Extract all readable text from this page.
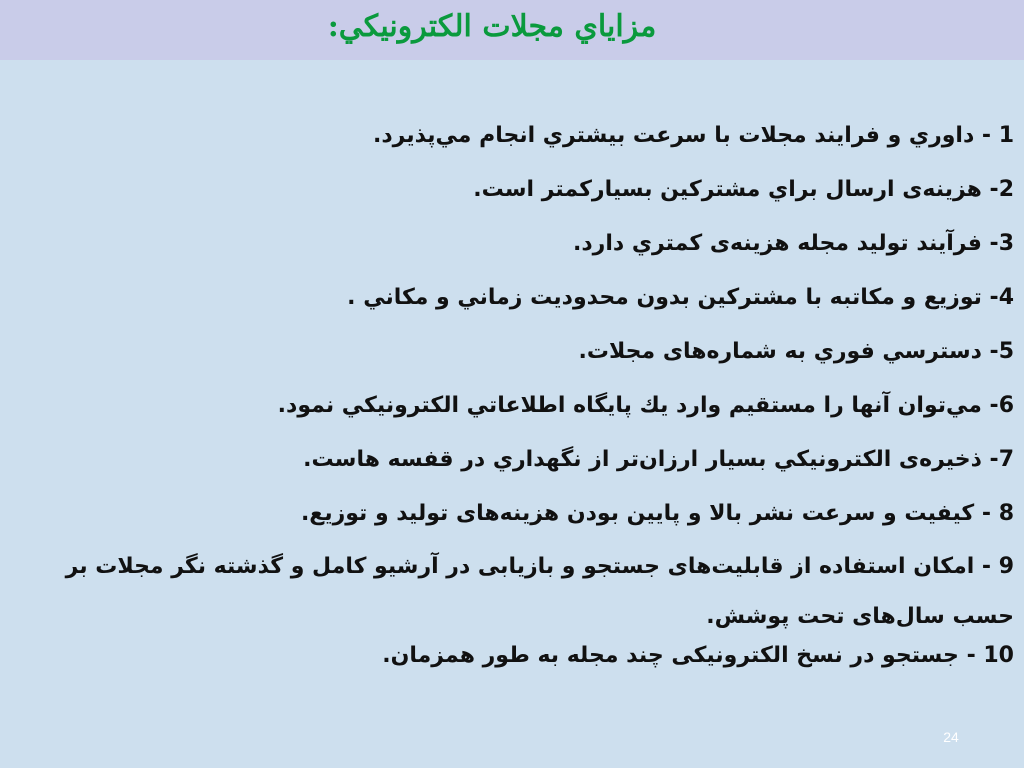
مزاياي مجلات الكترونيكي:
1 - داوري و فرايند مجلات با سرعت بيشتري انجام مي‌پذيرد.
2- هزينه‌ی ارسال براي مشتركين بسياركمتر است.
3- فرآيند توليد مجله هزينه‌ی كمتري دارد.
4- توزيع و مكاتبه با مشتركين بدون محدوديت زماني و مكاني .
5- دسترسي فوري به شماره‌های مجلات.
6- مي‌توان آنها را مستقيم وارد يك پايگاه اطلاعاتي الكترونيكي نمود.
7- ذخيره‌ی الكترونيكي بسيار ارزان‌تر از نگهداري در قفسه هاست.
8 - كيفيت و سرعت نشر بالا و پايين بودن هزينه‌های توليد و توزيع.
9 - امكان استفاده از قابليت‌های جستجو و بازيابی در آرشيو كامل و گذشته نگر مجلات بر حسب سال‌های تحت پوشش.
10 - جستجو در نسخ الكترونيكی چند مجله به طور همزمان.
24
